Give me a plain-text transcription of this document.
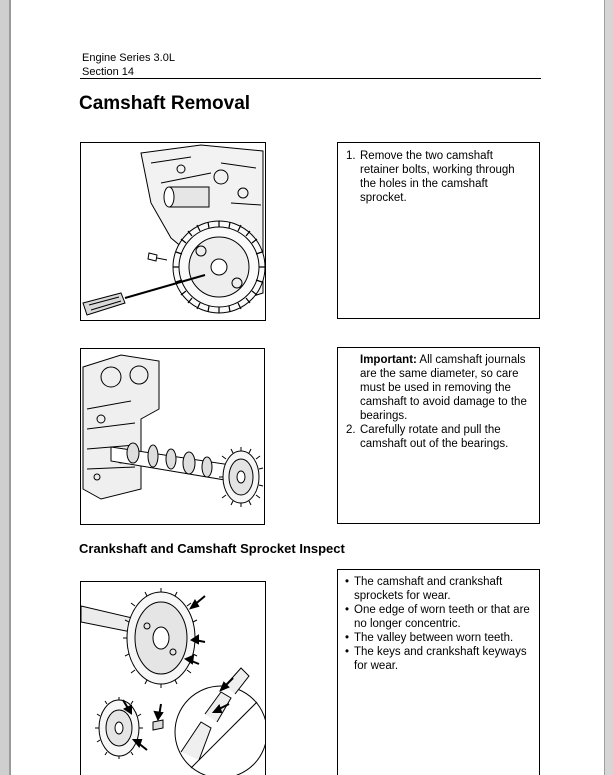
Engine Series 3.0L
Section 14
Camshaft Removal
1. Remove the two camshaft retainer bolts, working through the holes in the camshaft sprocket.
Important: All camshaft journals are the same diameter, so care must be used in removing the camshaft to avoid damage to the bearings.
2. Carefully rotate and pull the camshaft out of the bearings.
Crankshaft and Camshaft Sprocket Inspect
• The camshaft and crankshaft sprockets for wear.
• One edge of worn teeth or that are no longer concentric.
• The valley between worn teeth.
• The keys and crankshaft keyways for wear.
